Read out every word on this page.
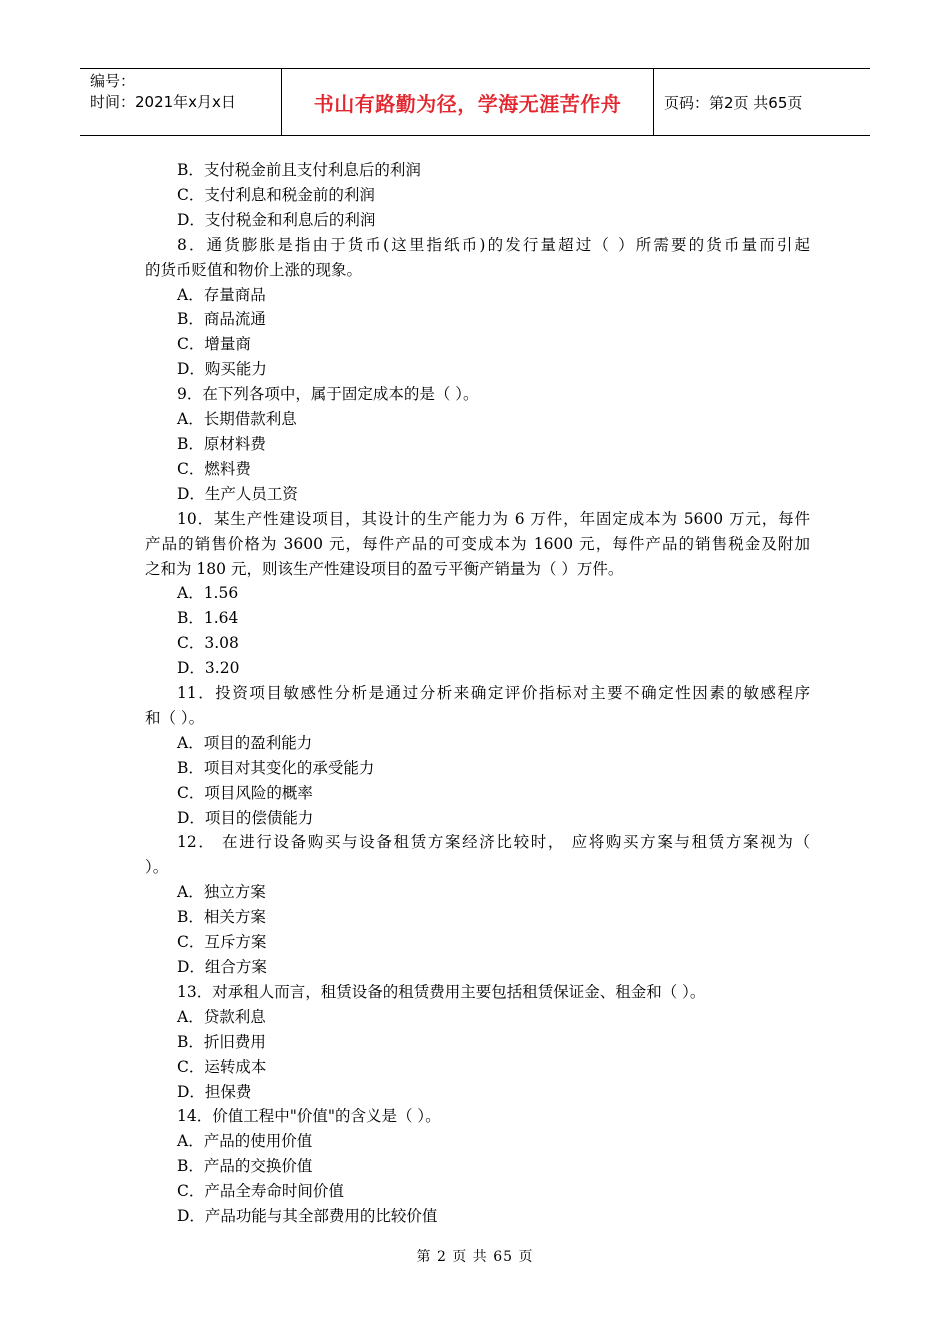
编号：
时间：2021年x月x日	书山有路勤为径，学海无涯苦作舟	页码：第2页 共65页
B．支付税金前且支付利息后的利润
C．支付利息和税金前的利润
D．支付税金和利息后的利润
8．通货膨胀是指由于货币(这里指纸币)的发行量超过（ ）所需要的货币量而引起
的货币贬值和物价上涨的现象。
A．存量商品
B．商品流通
C．增量商
D．购买能力
9．在下列各项中，属于固定成本的是（ ）。
A．长期借款利息
B．原材料费
C．燃料费
D．生产人员工资
10．某生产性建设项目，其设计的生产能力为 6 万件，年固定成本为 5600 万元，每件
产品的销售价格为 3600 元，每件产品的可变成本为 1600 元，每件产品的销售税金及附加
之和为 180 元，则该生产性建设项目的盈亏平衡产销量为（ ）万件。
A．1.56
B．1.64
C．3.08
D．3.20
11．投资项目敏感性分析是通过分析来确定评价指标对主要不确定性因素的敏感程序
和（ ）。
A．项目的盈利能力
B．项目对其变化的承受能力
C．项目风险的概率
D．项目的偿债能力
12． 在进行设备购买与设备租赁方案经济比较时， 应将购买方案与租赁方案视为（
）。
A．独立方案
B．相关方案
C．互斥方案
D．组合方案
13．对承租人而言，租赁设备的租赁费用主要包括租赁保证金、租金和（ ）。
A．贷款利息
B．折旧费用
C．运转成本
D．担保费
14．价值工程中"价值"的含义是（ ）。
A．产品的使用价值
B．产品的交换价值
C．产品全寿命时间价值
D．产品功能与其全部费用的比较价值
第 2 页 共 65 页
